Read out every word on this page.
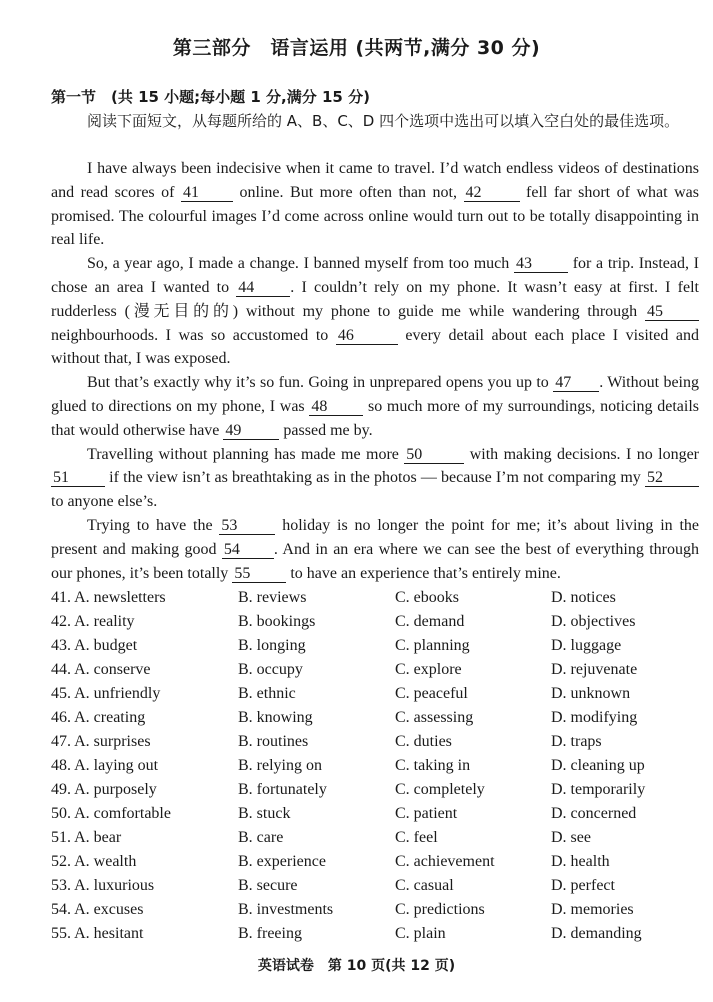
第三部分　语言运用 (共两节,满分 30 分)
第一节　(共 15 小题;每小题 1 分,满分 15 分)
阅读下面短文，从每题所给的 A、B、C、D 四个选项中选出可以填入空白处的最佳选项。

I have always been indecisive when it came to travel. I’d watch endless videos of destinations and read scores of 41 online. But more often than not, 42 fell far short of what was promised. The colourful images I’d come across online would turn out to be totally disappointing in real life.

So, a year ago, I made a change. I banned myself from too much 43 for a trip. Instead, I chose an area I wanted to 44 . I couldn’t rely on my phone. It wasn’t easy at first. I felt rudderless (漫无目的的) without my phone to guide me while wandering through 45 neighbourhoods. I was so accustomed to 46	every detail about each place I visited and without that, I was exposed.

But that’s exactly why it’s so fun. Going in unprepared opens you up to 47 . Without being glued to directions on my phone, I was 48 so much more of my surroundings, noticing details that would otherwise have 49 passed me by.

Travelling without planning has made me more 50	with making decisions. I no longer 51 if the view isn’t as breathtaking as in the photos — because I’m not comparing my 52 to anyone else’s.

Trying to have the 53 holiday is no longer the point for me; it’s about living in the present and making good 54 . And in an era where we can see the best of everything through our phones, it’s been totally 55 to have an experience that’s entirely mine.

41. A. newsletters	B. reviews	C. ebooks	D. notices
42. A. reality	B. bookings	C. demand	D. objectives
43. A. budget	B. longing	C. planning	D. luggage
44. A. conserve	B. occupy	C. explore	D. rejuvenate
45. A. unfriendly	B. ethnic	C. peaceful	D. unknown
46. A. creating	B. knowing	C. assessing	D. modifying
47. A. surprises	B. routines	C. duties	D. traps
48. A. laying out	B. relying on	C. taking in	D. cleaning up
49. A. purposely	B. fortunately	C. completely	D. temporarily
50. A. comfortable	B. stuck	C. patient	D. concerned
51. A. bear	B. care	C. feel	D. see
52. A. wealth	B. experience	C. achievement	D. health
53. A. luxurious	B. secure	C. casual	D. perfect
54. A. excuses	B. investments	C. predictions	D. memories
55. A. hesitant	B. freeing	C. plain	D. demanding
英语试卷　第 10 页(共 12 页)
